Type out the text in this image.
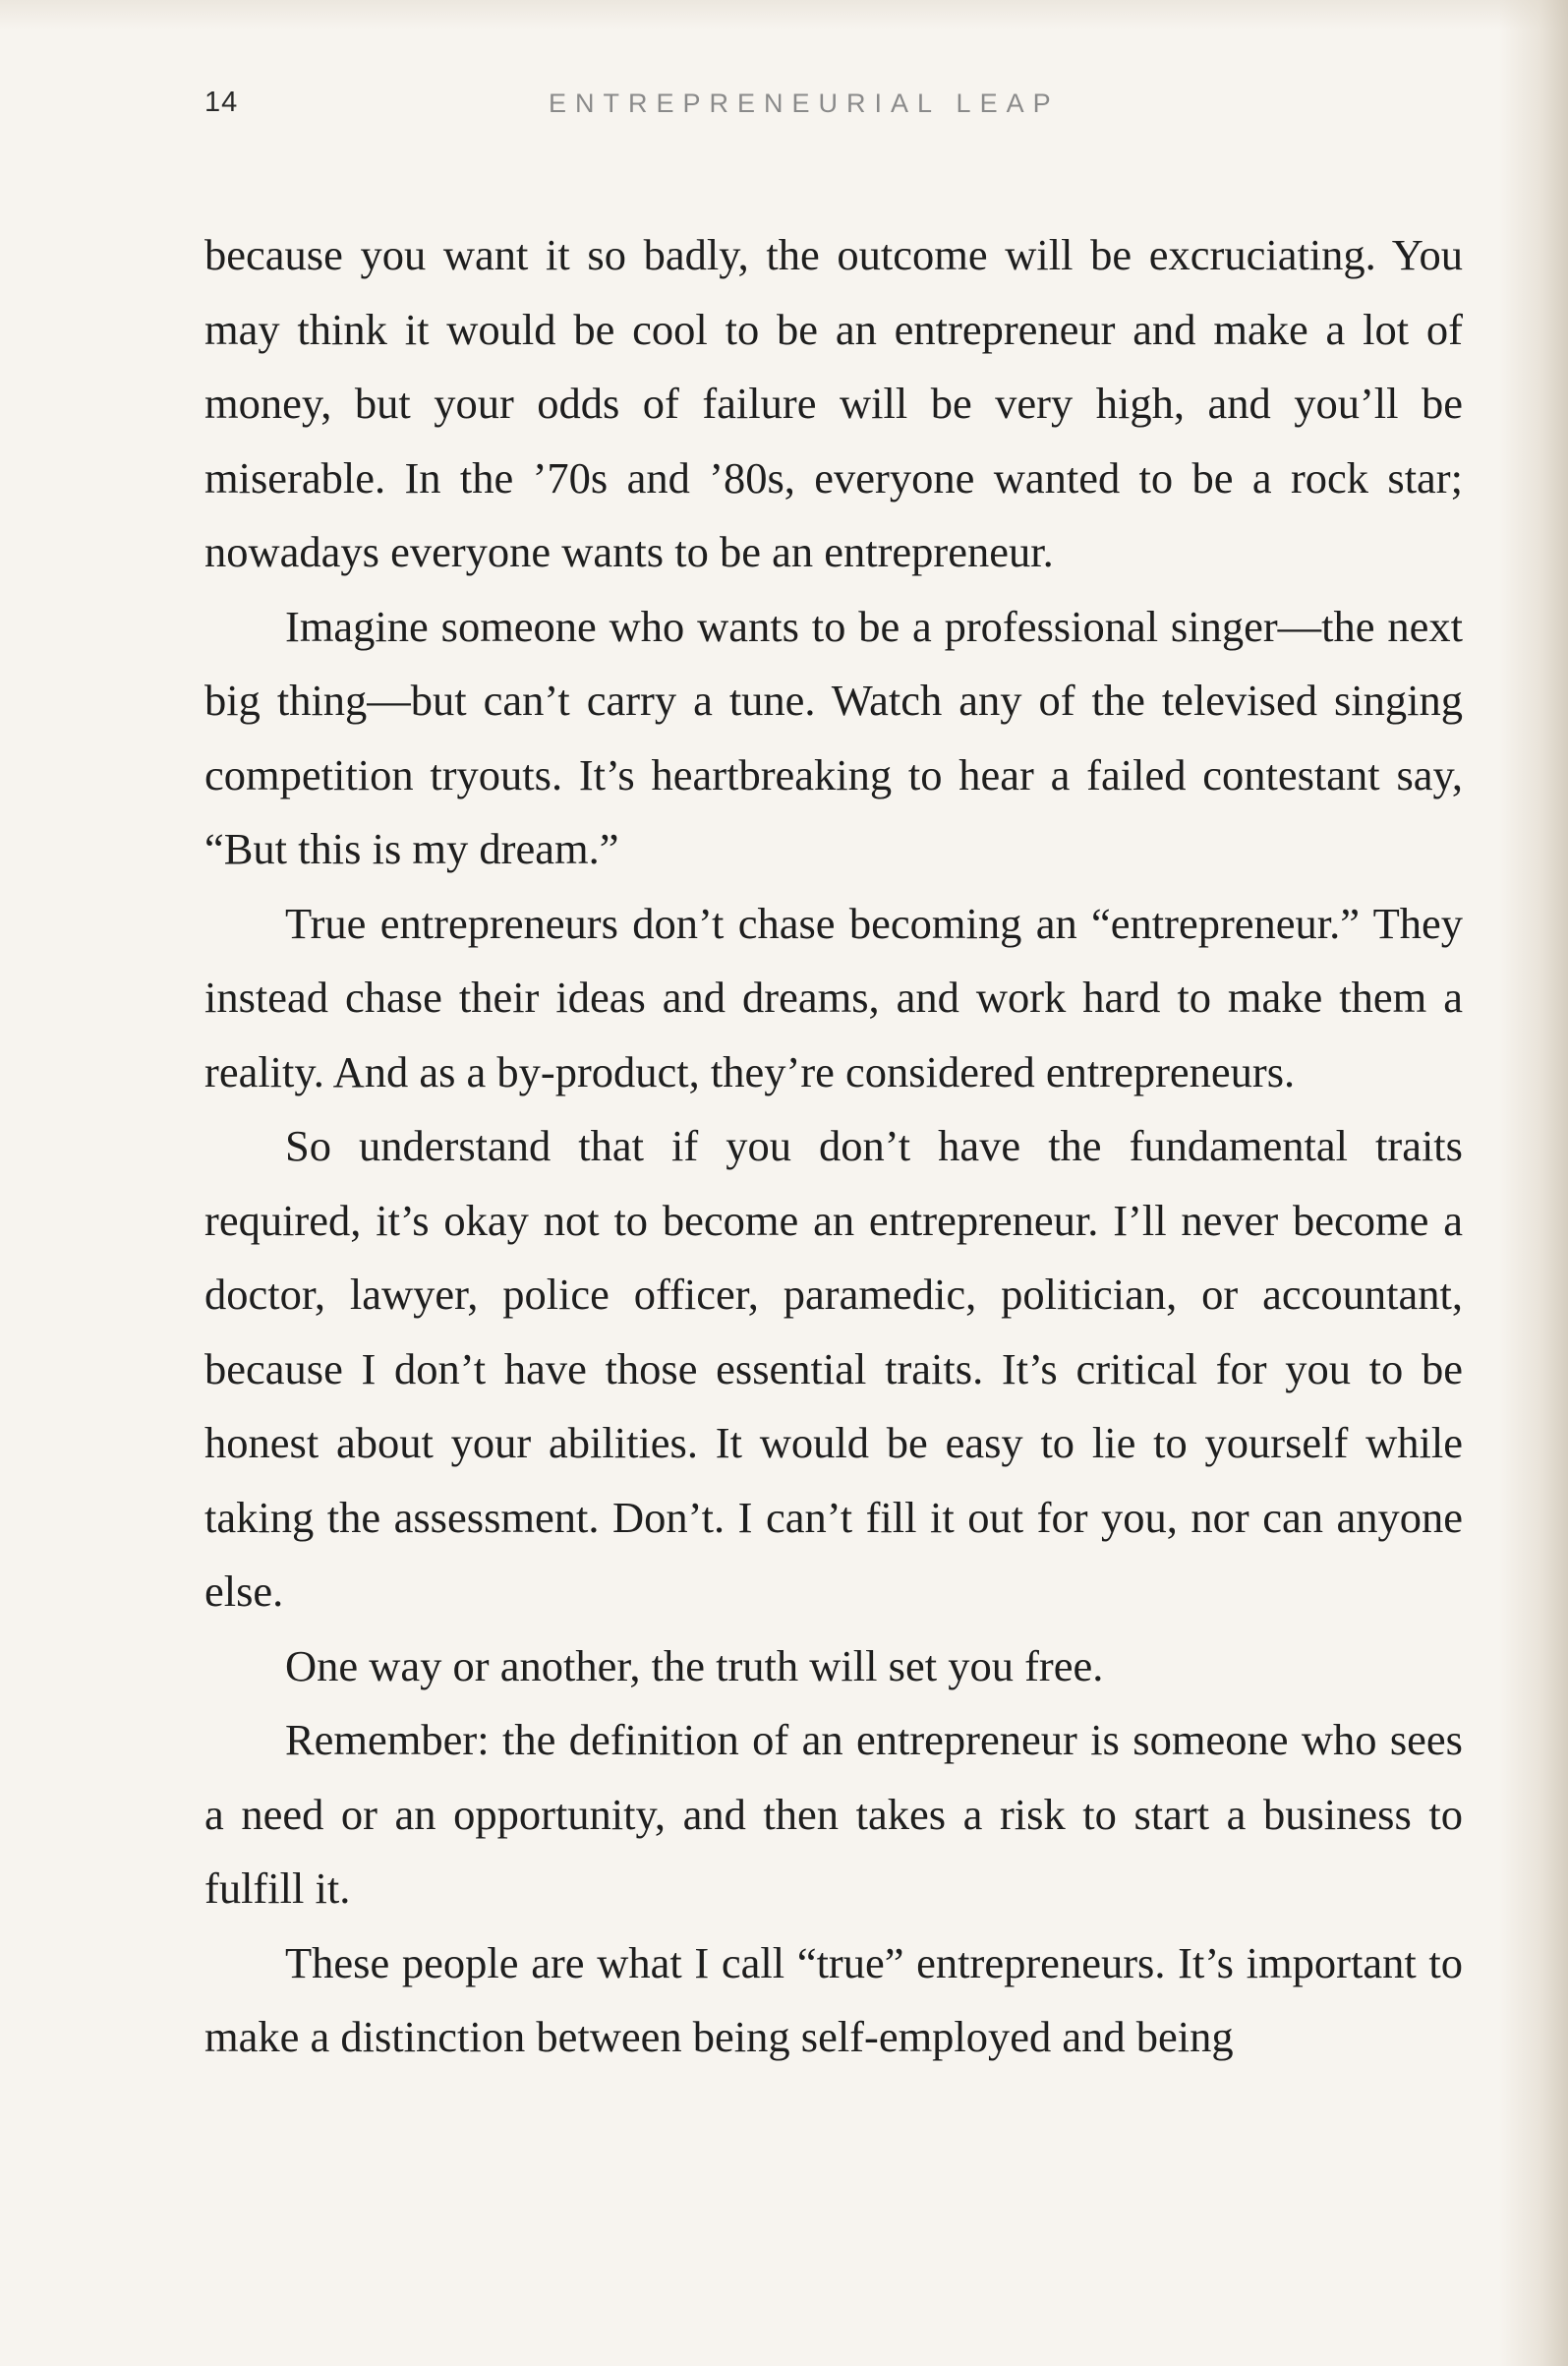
14	ENTREPRENEURIAL LEAP

because you want it so badly, the outcome will be excruciating. You may think it would be cool to be an entrepreneur and make a lot of money, but your odds of failure will be very high, and you’ll be miserable. In the ’70s and ’80s, everyone wanted to be a rock star; nowadays everyone wants to be an entrepreneur.

Imagine someone who wants to be a professional singer—the next big thing—but can’t carry a tune. Watch any of the televised singing competition tryouts. It’s heartbreaking to hear a failed contestant say, “But this is my dream.”

True entrepreneurs don’t chase becoming an “entrepreneur.” They instead chase their ideas and dreams, and work hard to make them a reality. And as a by-product, they’re considered entrepreneurs.

So understand that if you don’t have the fundamental traits required, it’s okay not to become an entrepreneur. I’ll never become a doctor, lawyer, police officer, paramedic, politician, or accountant, because I don’t have those essential traits. It’s critical for you to be honest about your abilities. It would be easy to lie to yourself while taking the assessment. Don’t. I can’t fill it out for you, nor can anyone else.

One way or another, the truth will set you free.

Remember: the definition of an entrepreneur is someone who sees a need or an opportunity, and then takes a risk to start a business to fulfill it.

These people are what I call “true” entrepreneurs. It’s important to make a distinction between being self-employed and being
